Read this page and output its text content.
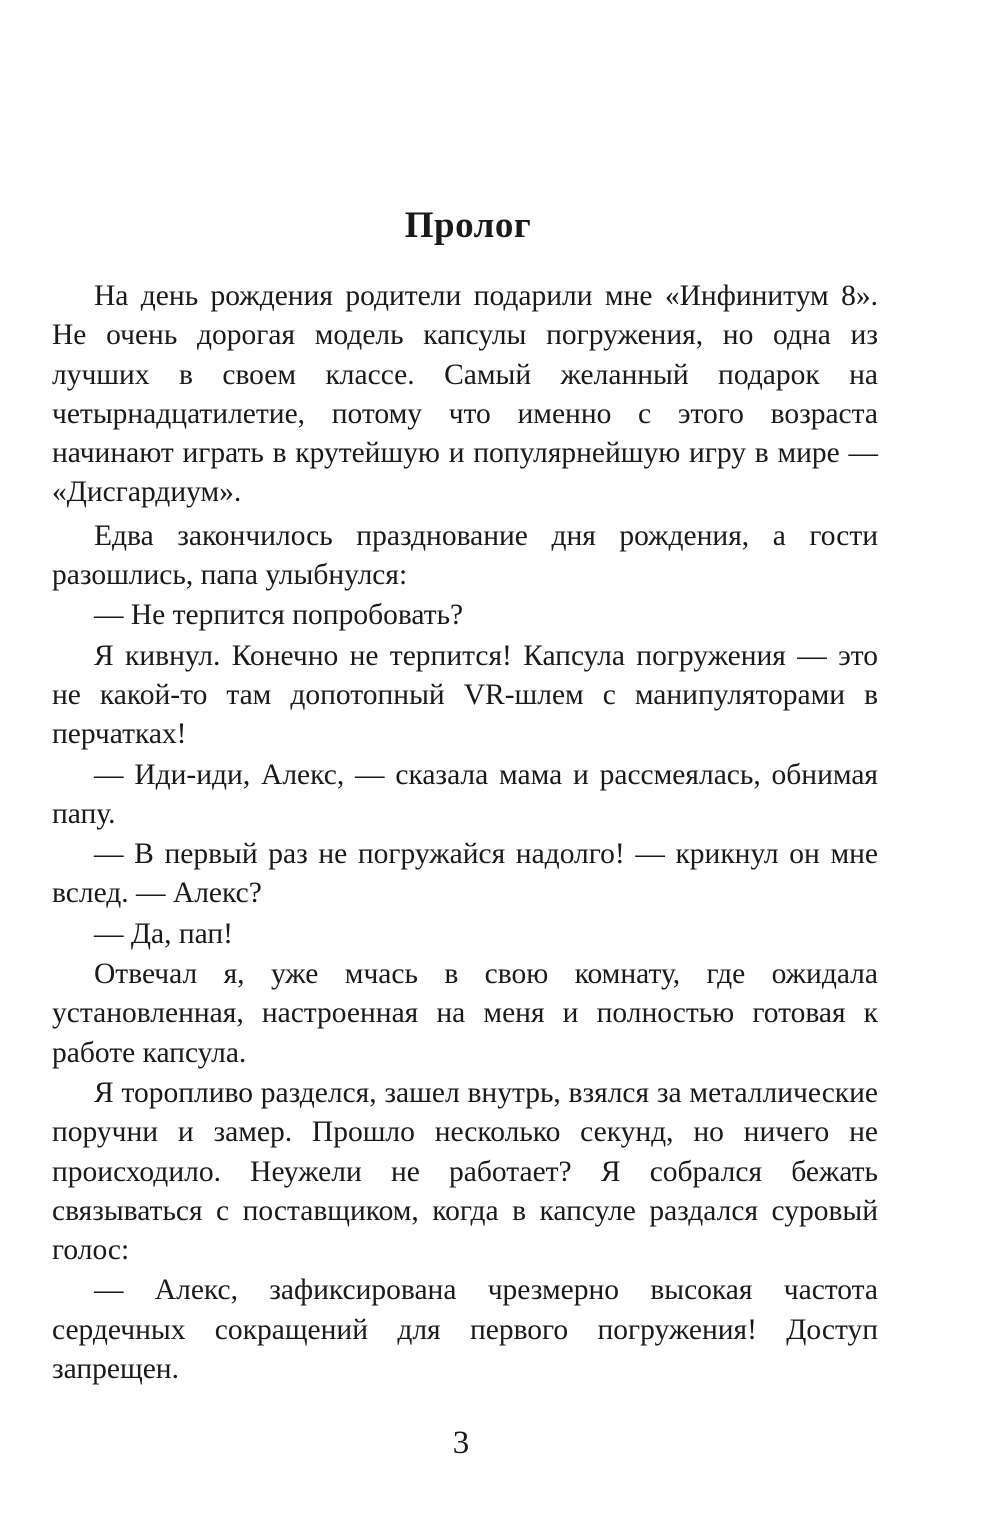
Пролог

На день рождения родители подарили мне «Инфинитум 8». Не очень дорогая модель капсулы погружения, но одна из лучших в своем классе. Самый желанный подарок на четырнадцатилетие, потому что именно с этого возраста начинают играть в крутейшую и популярнейшую игру в мире — «Дисгардиум».

Едва закончилось празднование дня рождения, а гости разошлись, папа улыбнулся:

— Не терпится попробовать?

Я кивнул. Конечно не терпится! Капсула погружения — это не какой-то там допотопный VR-шлем с манипуляторами в перчатках!

— Иди-иди, Алекс, — сказала мама и рассмеялась, обнимая папу.

— В первый раз не погружайся надолго! — крикнул он мне вслед. — Алекс?

— Да, пап!

Отвечал я, уже мчась в свою комнату, где ожидала установленная, настроенная на меня и полностью готовая к работе капсула.

Я торопливо разделся, зашел внутрь, взялся за металлические поручни и замер. Прошло несколько секунд, но ничего не происходило. Неужели не работает? Я собрался бежать связываться с поставщиком, когда в капсуле раздался суровый голос:

— Алекс, зафиксирована чрезмерно высокая частота сердечных сокращений для первого погружения! Доступ запрещен.

3
